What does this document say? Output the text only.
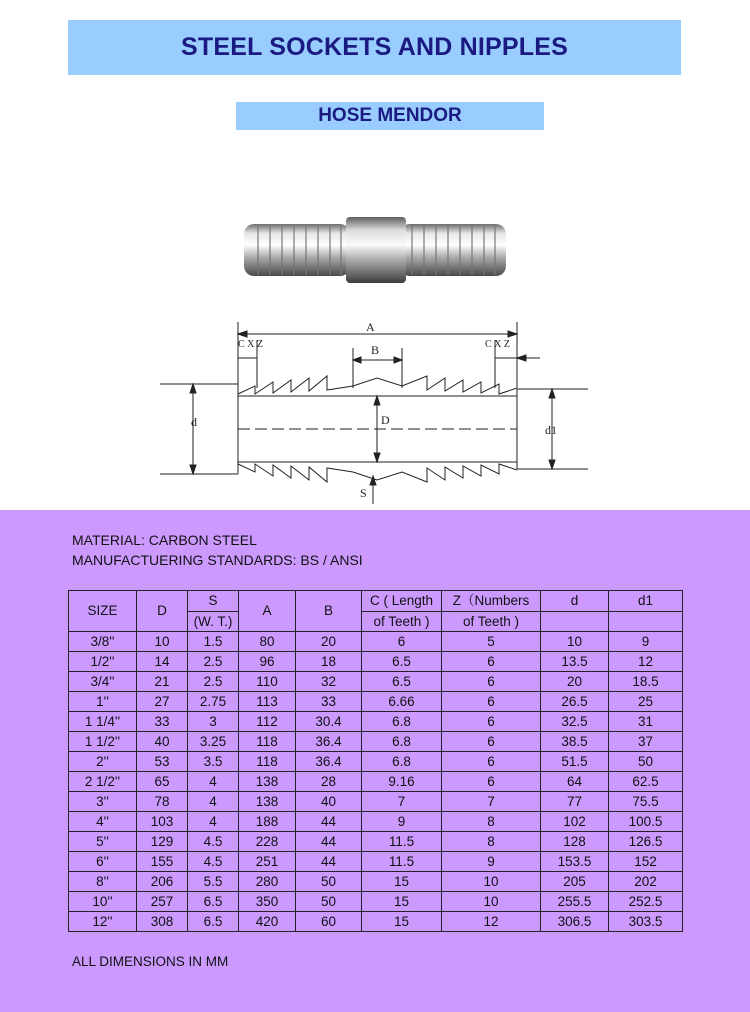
STEEL SOCKETS AND NIPPLES
HOSE MENDOR
A
B
C X Z	C X Z
d	D
d1
S
MATERIAL: CARBON STEEL
MANUFACTUERING STANDARDS: BS / ANSI
SIZE	D	S	A	B	C ( Length	Z（Numbers	d	d1
		(W. T.)			of Teeth )	of Teeth )		
3/8''	10	1.5	80	20	6	5	10	9
1/2''	14	2.5	96	18	6.5	6	13.5	12
3/4''	21	2.5	110	32	6.5	6	20	18.5
1''	27	2.75	113	33	6.66	6	26.5	25
1 1/4''	33	3	112	30.4	6.8	6	32.5	31
1 1/2''	40	3.25	118	36.4	6.8	6	38.5	37
2''	53	3.5	118	36.4	6.8	6	51.5	50
2 1/2''	65	4	138	28	9.16	6	64	62.5
3''	78	4	138	40	7	7	77	75.5
4''	103	4	188	44	9	8	102	100.5
5''	129	4.5	228	44	11.5	8	128	126.5
6''	155	4.5	251	44	11.5	9	153.5	152
8''	206	5.5	280	50	15	10	205	202
10''	257	6.5	350	50	15	10	255.5	252.5
12''	308	6.5	420	60	15	12	306.5	303.5
ALL DIMENSIONS IN MM
